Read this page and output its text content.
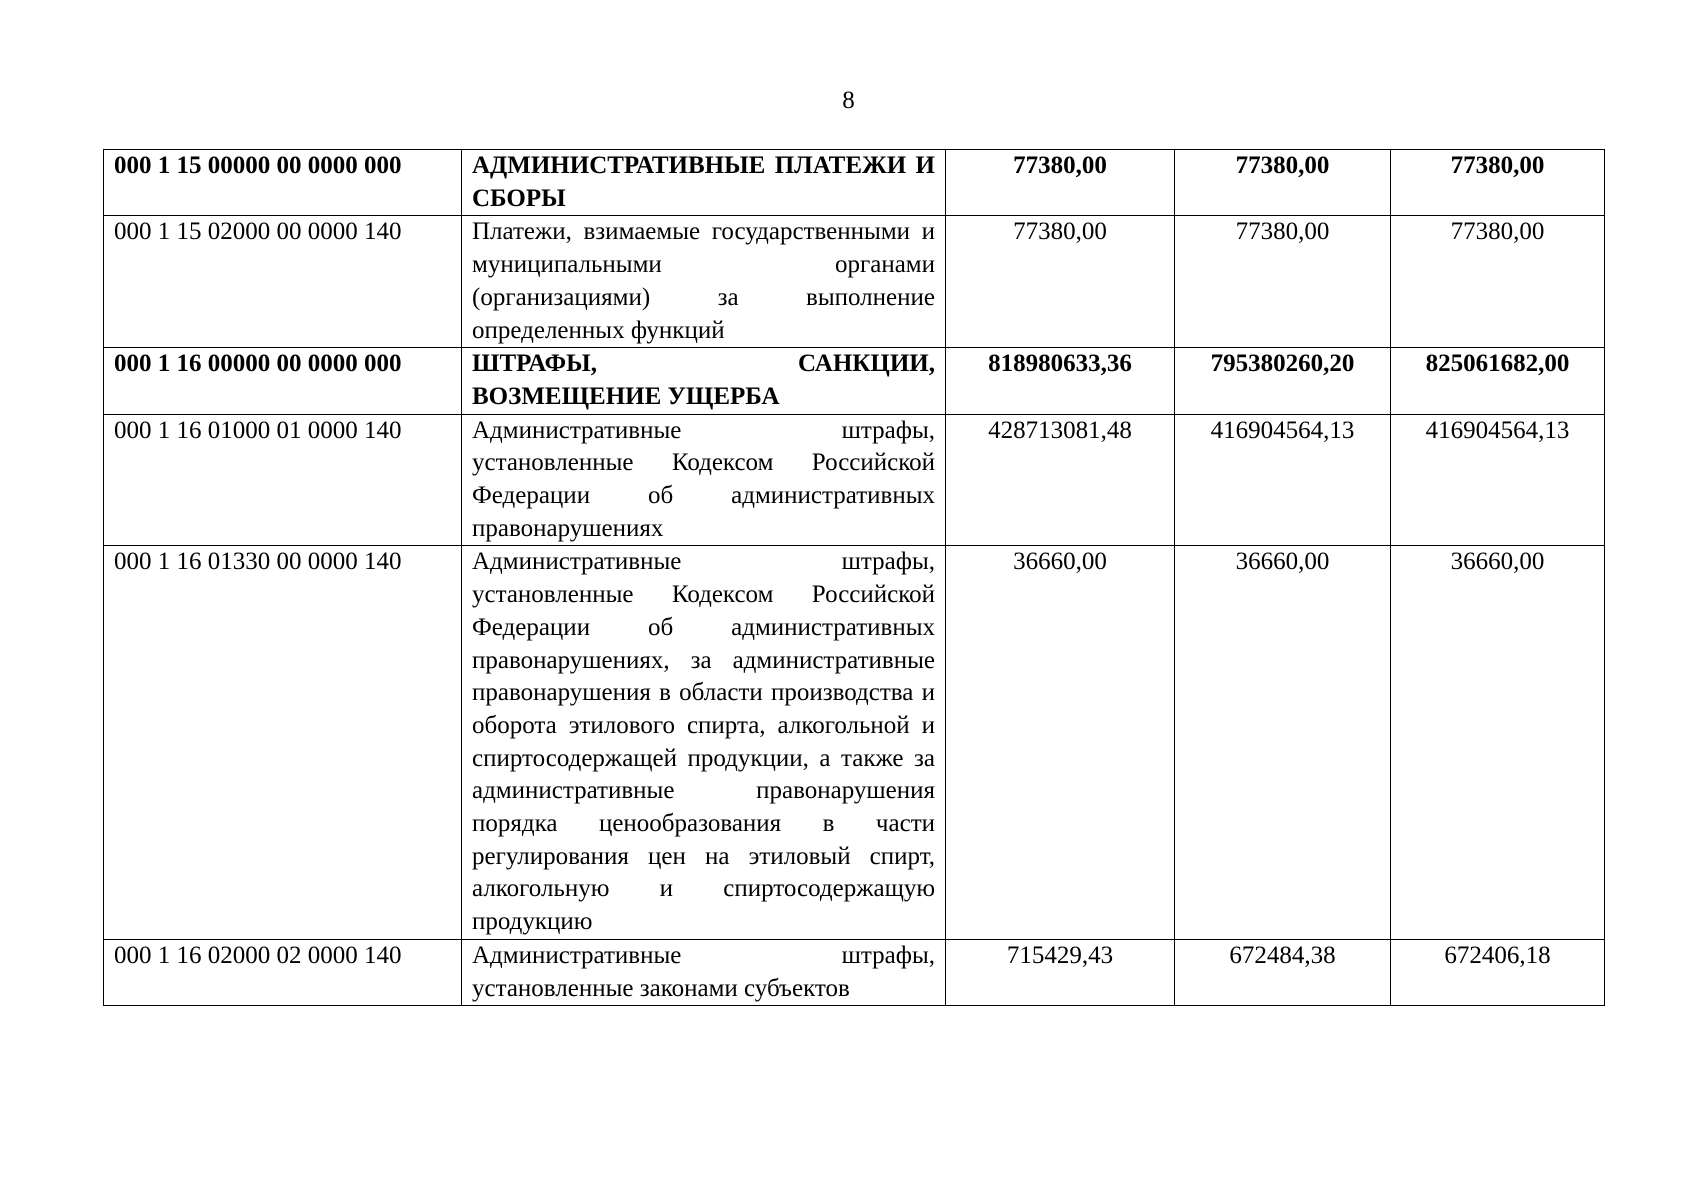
8
000 1 15 00000 00 0000 000	АДМИНИСТРАТИВНЫЕ ПЛАТЕЖИ И СБОРЫ	77380,00	77380,00	77380,00
000 1 15 02000 00 0000 140	Платежи, взимаемые государственными и муниципальными органами (организациями) за выполнение определенных функций	77380,00	77380,00	77380,00
000 1 16 00000 00 0000 000	ШТРАФЫ, САНКЦИИ, ВОЗМЕЩЕНИЕ УЩЕРБА	818980633,36	795380260,20	825061682,00
000 1 16 01000 01 0000 140	Административные штрафы, установленные Кодексом Российской Федерации об административных правонарушениях	428713081,48	416904564,13	416904564,13
000 1 16 01330 00 0000 140	Административные штрафы, установленные Кодексом Российской Федерации об административных правонарушениях, за административные правонарушения в области производства и оборота этилового спирта, алкогольной и спиртосодержащей продукции, а также за административные правонарушения порядка ценообразования в части регулирования цен на этиловый спирт, алкогольную и спиртосодержащую продукцию	36660,00	36660,00	36660,00
000 1 16 02000 02 0000 140	Административные штрафы, установленные законами субъектов	715429,43	672484,38	672406,18
